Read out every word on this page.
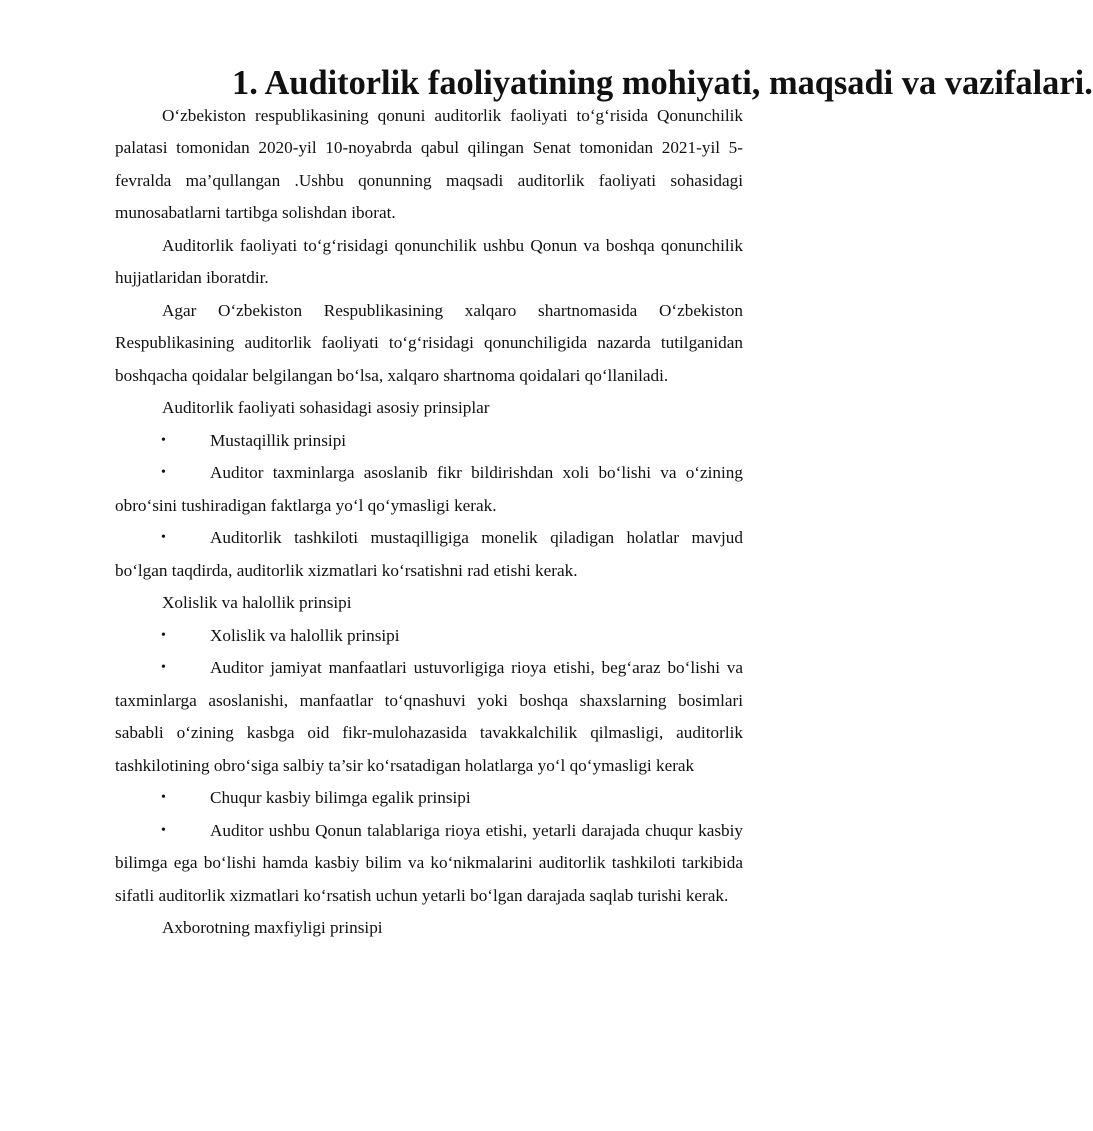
1. Auditorlik faoliyatining mohiyati, maqsadi va vazifalari.

O‘zbekiston respublikasining qonuni auditorlik faoliyati to‘g‘risida Qonunchilik palatasi tomonidan 2020-yil 10-noyabrda qabul qilingan Senat tomonidan 2021-yil 5-fevralda ma’qullangan .Ushbu qonunning maqsadi auditorlik faoliyati sohasidagi munosabatlarni tartibga solishdan iborat.

Auditorlik faoliyati to‘g‘risidagi qonunchilik ushbu Qonun va boshqa qonunchilik hujjatlaridan iboratdir.

Agar O‘zbekiston Respublikasining xalqaro shartnomasida O‘zbekiston Respublikasining auditorlik faoliyati to‘g‘risidagi qonunchiligida nazarda tutilganidan boshqacha qoidalar belgilangan bo‘lsa, xalqaro shartnoma qoidalari qo‘llaniladi.

Auditorlik faoliyati sohasidagi asosiy prinsiplar

•	Mustaqillik prinsipi

•	Auditor taxminlarga asoslanib fikr bildirishdan xoli bo‘lishi va o‘zining obro‘sini tushiradigan faktlarga yo‘l qo‘ymasligi kerak.

•	Auditorlik tashkiloti mustaqilligiga monelik qiladigan holatlar mavjud bo‘lgan taqdirda, auditorlik xizmatlari ko‘rsatishni rad etishi kerak.

Xolislik va halollik prinsipi

•	Xolislik va halollik prinsipi

•	Auditor jamiyat manfaatlari ustuvorligiga rioya etishi, beg‘araz bo‘lishi va taxminlarga asoslanishi, manfaatlar to‘qnashuvi yoki boshqa shaxslarning bosimlari sababli o‘zining kasbga oid fikr-mulohazasida tavakkalchilik qilmasligi, auditorlik tashkilotining obro‘siga salbiy ta’sir ko‘rsatadigan holatlarga yo‘l qo‘ymasligi kerak

•	Chuqur kasbiy bilimga egalik prinsipi

•	Auditor ushbu Qonun talablariga rioya etishi, yetarli darajada chuqur kasbiy bilimga ega bo‘lishi hamda kasbiy bilim va ko‘nikmalarini auditorlik tashkiloti tarkibida sifatli auditorlik xizmatlari ko‘rsatish uchun yetarli bo‘lgan darajada saqlab turishi kerak.

Axborotning maxfiyligi prinsipi
